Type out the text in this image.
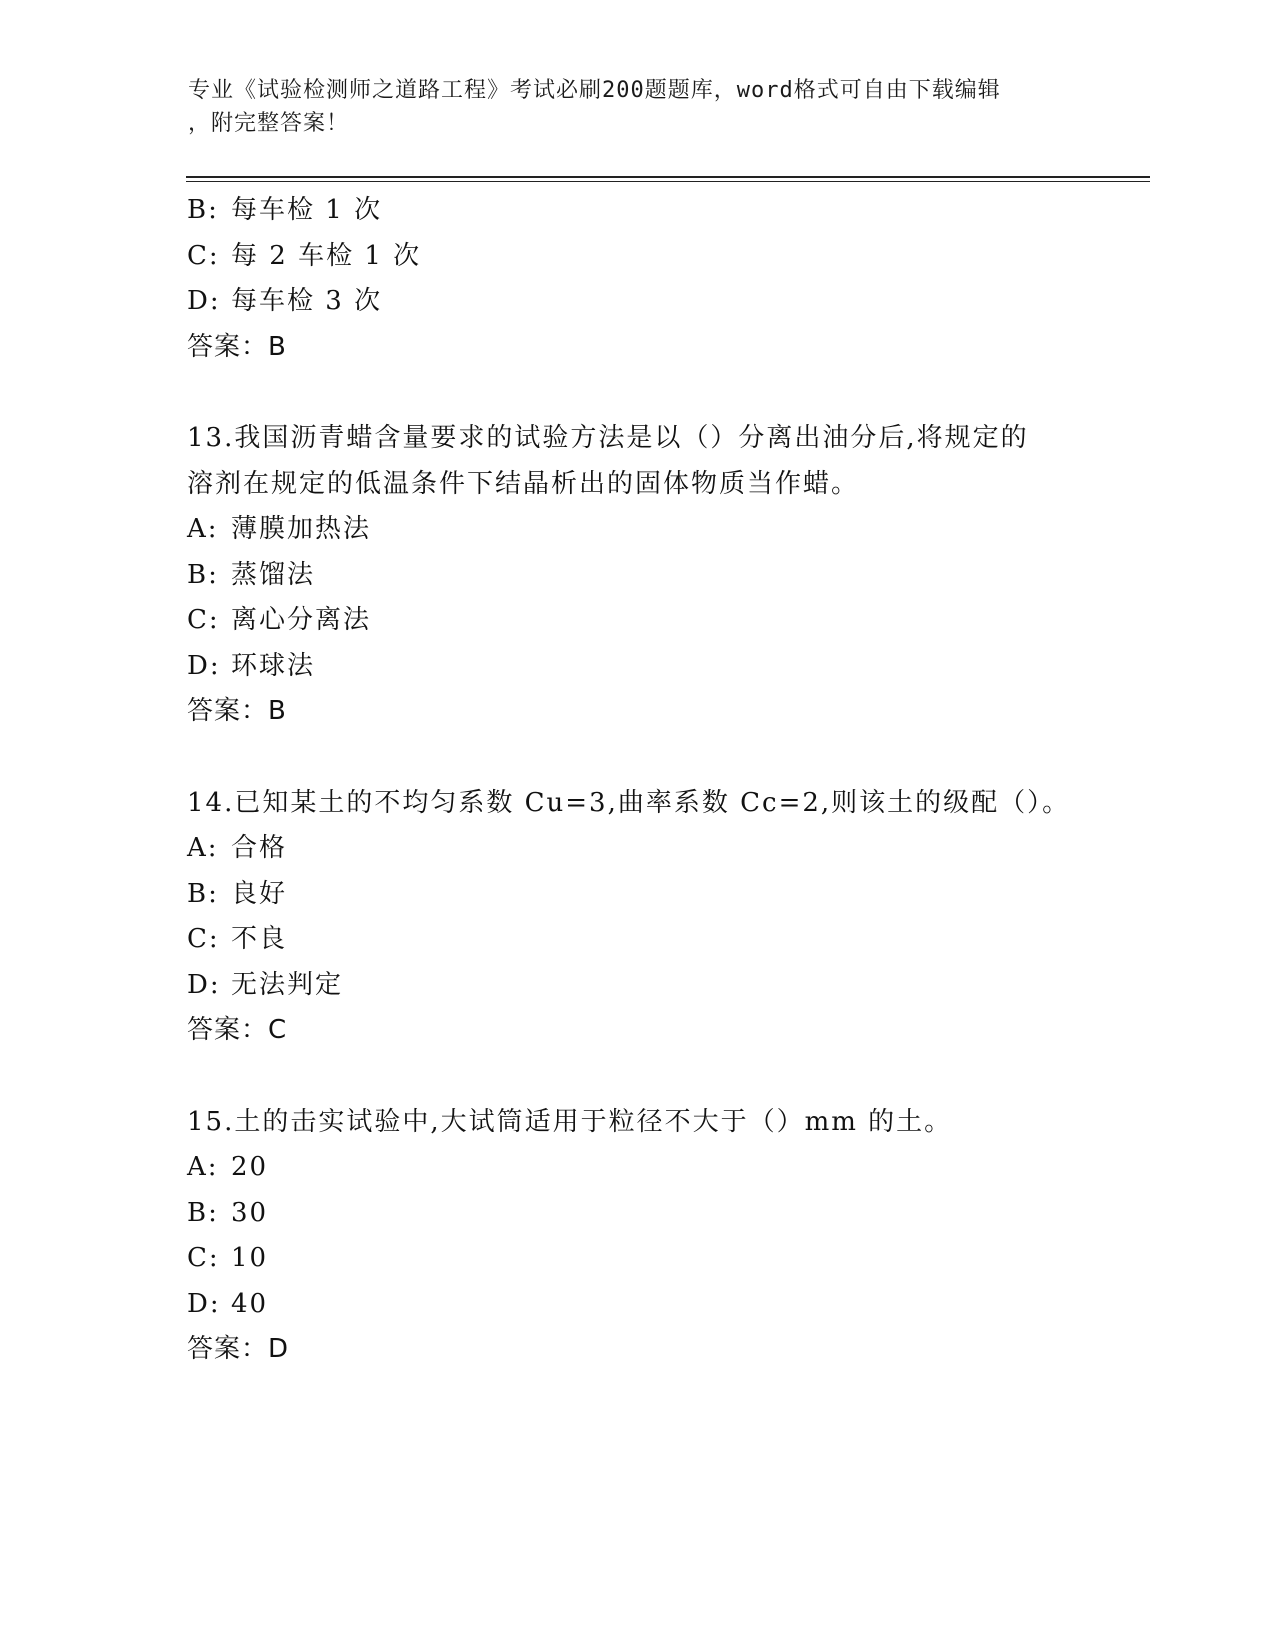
专业《试验检测师之道路工程》考试必刷200题题库，word格式可自由下载编辑
，附完整答案！
B: 每车检 1 次
C: 每 2 车检 1 次
D: 每车检 3 次
答案：B
13.我国沥青蜡含量要求的试验方法是以（）分离出油分后,将规定的
溶剂在规定的低温条件下结晶析出的固体物质当作蜡。
A: 薄膜加热法
B: 蒸馏法
C: 离心分离法
D: 环球法
答案：B
14.已知某土的不均匀系数 Cu=3,曲率系数 Cc=2,则该土的级配（）。
A: 合格
B: 良好
C: 不良
D: 无法判定
答案：C
15.土的击实试验中,大试筒适用于粒径不大于（）mm 的土。
A: 20
B: 30
C: 10
D: 40
答案：D
